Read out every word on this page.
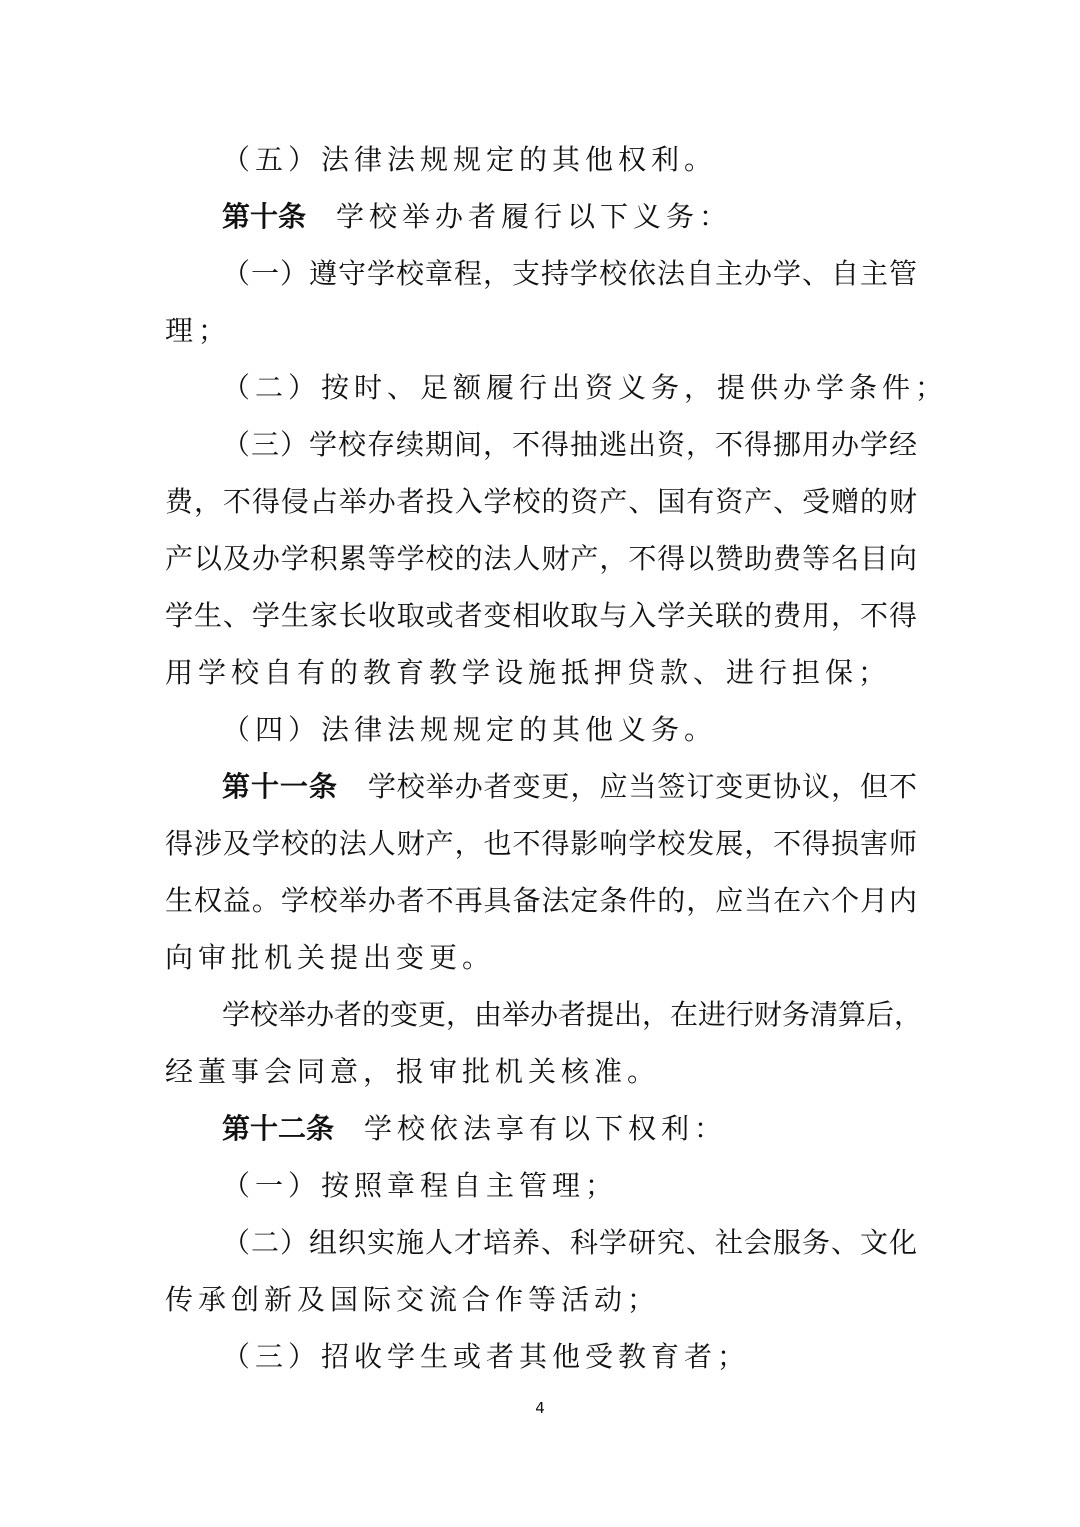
（五）法律法规规定的其他权利。
第十条 学校举办者履行以下义务：
（一）遵守学校章程，支持学校依法自主办学、自主管
理；
（二）按时、足额履行出资义务，提供办学条件；
（三）学校存续期间，不得抽逃出资，不得挪用办学经
费，不得侵占举办者投入学校的资产、国有资产、受赠的财
产以及办学积累等学校的法人财产，不得以赞助费等名目向
学生、学生家长收取或者变相收取与入学关联的费用，不得
用学校自有的教育教学设施抵押贷款、进行担保；
（四）法律法规规定的其他义务。
第十一条 学校举办者变更，应当签订变更协议，但不
得涉及学校的法人财产，也不得影响学校发展，不得损害师
生权益。学校举办者不再具备法定条件的，应当在六个月内
向审批机关提出变更。
学校举办者的变更，由举办者提出，在进行财务清算后，
经董事会同意，报审批机关核准。
第十二条 学校依法享有以下权利：
（一）按照章程自主管理；
（二）组织实施人才培养、科学研究、社会服务、文化
传承创新及国际交流合作等活动；
（三）招收学生或者其他受教育者；
4
